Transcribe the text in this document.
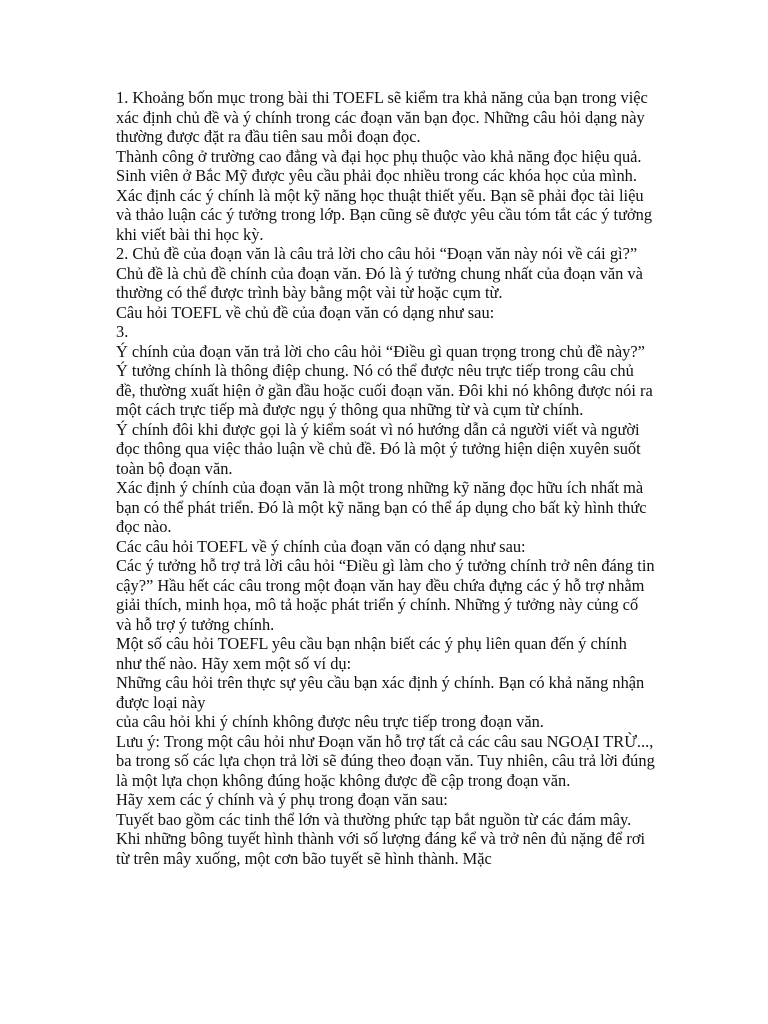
1. Khoảng bốn mục trong bài thi TOEFL sẽ kiểm tra khả năng của bạn trong việc xác định chủ đề và ý chính trong các đoạn văn bạn đọc. Những câu hỏi dạng này thường được đặt ra đầu tiên sau mỗi đoạn đọc.

Thành công ở trường cao đẳng và đại học phụ thuộc vào khả năng đọc hiệu quả. Sinh viên ở Bắc Mỹ được yêu cầu phải đọc nhiều trong các khóa học của mình. Xác định các ý chính là một kỹ năng học thuật thiết yếu. Bạn sẽ phải đọc tài liệu và thảo luận các ý tưởng trong lớp. Bạn cũng sẽ được yêu cầu tóm tắt các ý tưởng khi viết bài thi học kỳ.

2. Chủ đề của đoạn văn là câu trả lời cho câu hỏi “Đoạn văn này nói về cái gì?” Chủ đề là chủ đề chính của đoạn văn. Đó là ý tưởng chung nhất của đoạn văn và thường có thể được trình bày bằng một vài từ hoặc cụm từ.

Câu hỏi TOEFL về chủ đề của đoạn văn có dạng như sau:

3.

Ý chính của đoạn văn trả lời cho câu hỏi “Điều gì quan trọng trong chủ đề này?” Ý tưởng chính là thông điệp chung. Nó có thể được nêu trực tiếp trong câu chủ đề, thường xuất hiện ở gần đầu hoặc cuối đoạn văn. Đôi khi nó không được nói ra một cách trực tiếp mà được ngụ ý thông qua những từ và cụm từ chính.

Ý chính đôi khi được gọi là ý kiểm soát vì nó hướng dẫn cả người viết và người đọc thông qua việc thảo luận về chủ đề. Đó là một ý tưởng hiện diện xuyên suốt toàn bộ đoạn văn.

Xác định ý chính của đoạn văn là một trong những kỹ năng đọc hữu ích nhất mà bạn có thể phát triển. Đó là một kỹ năng bạn có thể áp dụng cho bất kỳ hình thức đọc nào.

Các câu hỏi TOEFL về ý chính của đoạn văn có dạng như sau:

Các ý tưởng hỗ trợ trả lời câu hỏi “Điều gì làm cho ý tưởng chính trở nên đáng tin cậy?” Hầu hết các câu trong một đoạn văn hay đều chứa đựng các ý hỗ trợ nhằm giải thích, minh họa, mô tả hoặc phát triển ý chính. Những ý tưởng này củng cố và hỗ trợ ý tưởng chính.

Một số câu hỏi TOEFL yêu cầu bạn nhận biết các ý phụ liên quan đến ý chính như thế nào. Hãy xem một số ví dụ:

Những câu hỏi trên thực sự yêu cầu bạn xác định ý chính. Bạn có khả năng nhận được loại này

của câu hỏi khi ý chính không được nêu trực tiếp trong đoạn văn.

Lưu ý: Trong một câu hỏi như Đoạn văn hỗ trợ tất cả các câu sau NGOẠI TRỪ..., ba trong số các lựa chọn trả lời sẽ đúng theo đoạn văn. Tuy nhiên, câu trả lời đúng là một lựa chọn không đúng hoặc không được đề cập trong đoạn văn.

Hãy xem các ý chính và ý phụ trong đoạn văn sau:

Tuyết bao gồm các tinh thể lớn và thường phức tạp bắt nguồn từ các đám mây. Khi những bông tuyết hình thành với số lượng đáng kể và trở nên đủ nặng để rơi từ trên mây xuống, một cơn bão tuyết sẽ hình thành. Mặc
